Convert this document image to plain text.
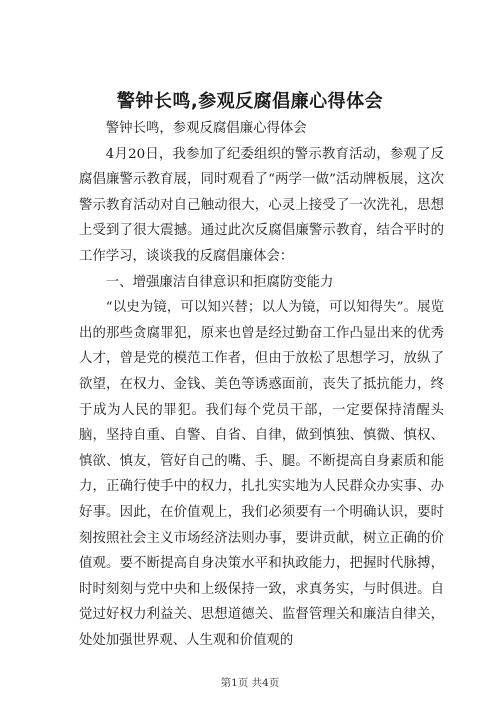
警钟长鸣,参观反腐倡廉心得体会

警钟长鸣，参观反腐倡廉心得体会

4月20日，我参加了纪委组织的警示教育活动，参观了反腐倡廉警示教育展，同时观看了“两学一做”活动牌板展，这次警示教育活动对自己触动很大，心灵上接受了一次洗礼，思想上受到了很大震撼。通过此次反腐倡廉警示教育，结合平时的工作学习，谈谈我的反腐倡廉体会：

一、增强廉洁自律意识和拒腐防变能力

“以史为镜，可以知兴替；以人为镜，可以知得失”。展览出的那些贪腐罪犯，原来也曾是经过勤奋工作凸显出来的优秀人才，曾是党的模范工作者，但由于放松了思想学习，放纵了欲望，在权力、金钱、美色等诱惑面前，丧失了抵抗能力，终于成为人民的罪犯。我们每个党员干部，一定要保持清醒头脑，坚持自重、自警、自省、自律，做到慎独、慎微、慎权、慎欲、慎友，管好自己的嘴、手、腿。不断提高自身素质和能力，正确行使手中的权力，扎扎实实地为人民群众办实事、办好事。因此，在价值观上，我们必须要有一个明确认识，要时刻按照社会主义市场经济法则办事，要讲贡献，树立正确的价值观。要不断提高自身决策水平和执政能力，把握时代脉搏，时时刻刻与党中央和上级保持一致，求真务实，与时俱进。自觉过好权力利益关、思想道德关、监督管理关和廉洁自律关，处处加强世界观、人生观和价值观的

第1页 共4页
